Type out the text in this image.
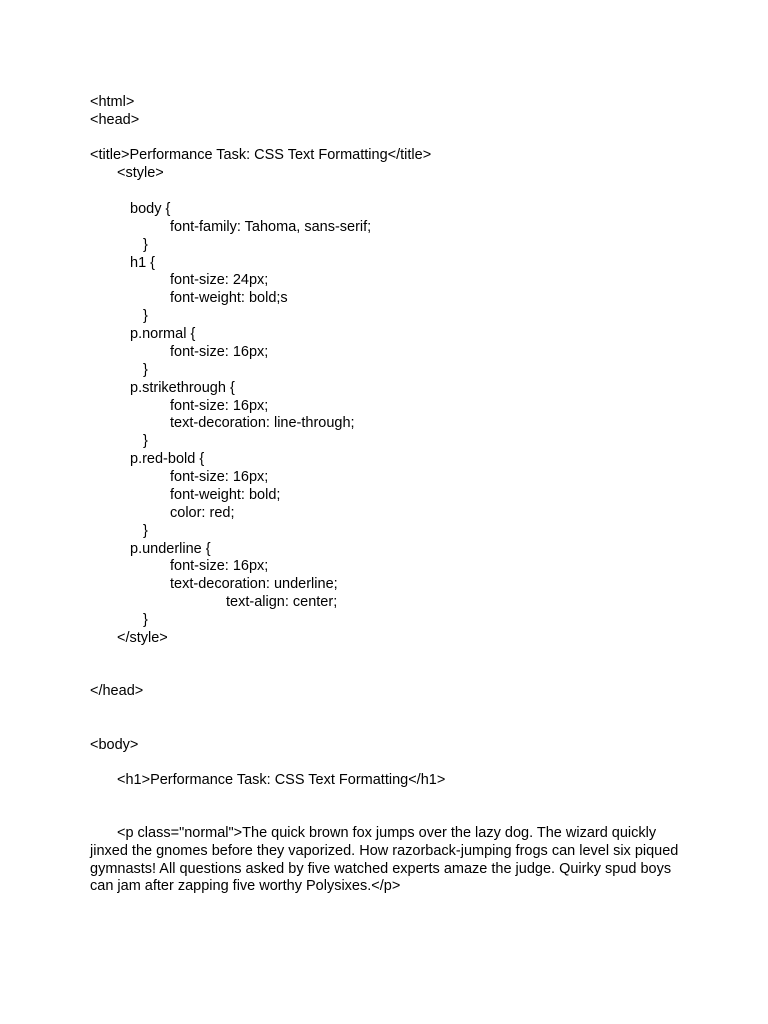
<html>
<head>
<title>Performance Task: CSS Text Formatting</title>
<style>
body {
font-family: Tahoma, sans-serif;
}
h1 {
font-size: 24px;
font-weight: bold;s
}
p.normal {
font-size: 16px;
}
p.strikethrough {
font-size: 16px;
text-decoration: line-through;
}
p.red-bold {
font-size: 16px;
font-weight: bold;
color: red;
}
p.underline {
font-size: 16px;
text-decoration: underline;
text-align: center;
}
</style>
</head>
<body>
<h1>Performance Task: CSS Text Formatting</h1>
<p class="normal">The quick brown fox jumps over the lazy dog. The wizard quickly jinxed the gnomes before they vaporized. How razorback-jumping frogs can level six piqued gymnasts! All questions asked by five watched experts amaze the judge. Quirky spud boys can jam after zapping five worthy Polysixes.</p>
